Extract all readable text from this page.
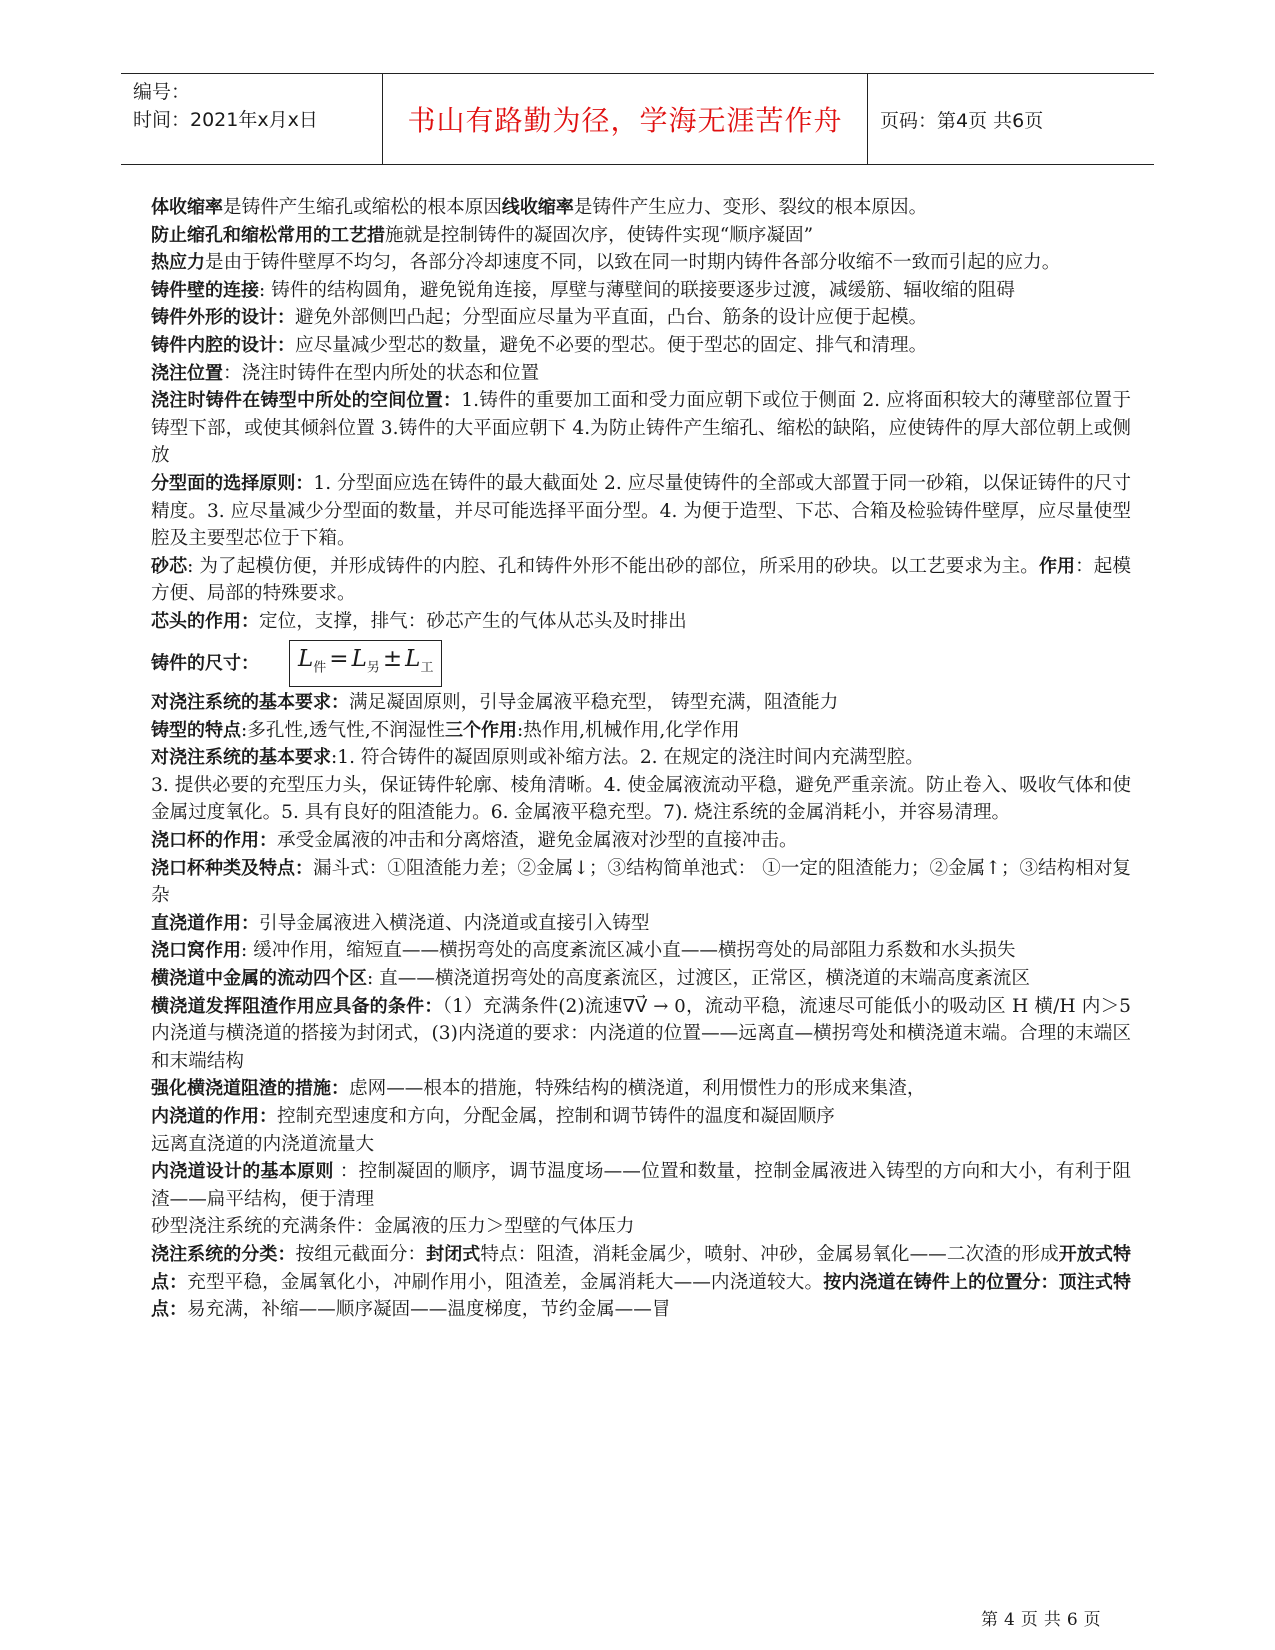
编号：
时间：2021年x月x日	书山有路勤为径，学海无涯苦作舟 页码：第4页 共6页

体收缩率是铸件产生缩孔或缩松的根本原因线收缩率是铸件产生应力、变形、裂纹的根本原因。

防止缩孔和缩松常用的工艺措施就是控制铸件的凝固次序，使铸件实现“顺序凝固”

热应力是由于铸件壁厚不均匀，各部分冷却速度不同，以致在同一时期内铸件各部分收缩不一致而引起的应力。

铸件壁的连接: 铸件的结构圆角，避免锐角连接，厚壁与薄壁间的联接要逐步过渡，减缓筋、辐收缩的阻碍

铸件外形的设计：避免外部侧凹凸起；分型面应尽量为平直面，凸台、筋条的设计应便于起模。

铸件内腔的设计：应尽量减少型芯的数量，避免不必要的型芯。便于型芯的固定、排气和清理。

浇注位置：浇注时铸件在型内所处的状态和位置

浇注时铸件在铸型中所处的空间位置：1.铸件的重要加工面和受力面应朝下或位于侧面 2. 应将面积较大的薄壁部位置于铸型下部，或使其倾斜位置 3.铸件的大平面应朝下 4.为防止铸件产生缩孔、缩松的缺陷，应使铸件的厚大部位朝上或侧放

分型面的选择原则：1. 分型面应选在铸件的最大截面处 2. 应尽量使铸件的全部或大部置于同一砂箱，以保证铸件的尺寸精度。3. 应尽量减少分型面的数量，并尽可能选择平面分型。4. 为便于造型、下芯、合箱及检验铸件壁厚，应尽量使型腔及主要型芯位于下箱。

砂芯: 为了起模仿便，并形成铸件的内腔、孔和铸件外形不能出砂的部位，所采用的砂块。以工艺要求为主。作用：起模方便、局部的特殊要求。

芯头的作用：定位，支撑，排气：砂芯产生的气体从芯头及时排出

铸件的尺寸：	$L_件 = L_另 \pm L_工$

对浇注系统的基本要求：满足凝固原则，引导金属液平稳充型， 铸型充满，阻渣能力

铸型的特点:多孔性,透气性,不润湿性三个作用:热作用,机械作用,化学作用

对浇注系统的基本要求:1. 符合铸件的凝固原则或补缩方法。2. 在规定的浇注时间内充满型腔。

3. 提供必要的充型压力头，保证铸件轮廓、棱角清晰。4. 使金属液流动平稳，避免严重亲流。防止卷入、吸收气体和使金属过度氧化。5. 具有良好的阻渣能力。6. 金属液平稳充型。7). 烧注系统的金属消耗小，并容易清理。

浇口杯的作用：承受金属液的冲击和分离熔渣，避免金属液对沙型的直接冲击。

浇口杯种类及特点：漏斗式：①阻渣能力差；②金属↓；③结构简单池式： ①一定的阻渣能力；②金属↑；③结构相对复杂

直浇道作用：引导金属液进入横浇道、内浇道或直接引入铸型

浇口窝作用: 缓冲作用，缩短直——横拐弯处的高度紊流区减小直——横拐弯处的局部阻力系数和水头损失

横浇道中金属的流动四个区: 直——横浇道拐弯处的高度紊流区，过渡区，正常区，横浇道的末端高度紊流区

横浇道发挥阻渣作用应具备的条件：（1）充满条件(2)流速∇V⃗ → 0，流动平稳，流速尽可能低小的吸动区 H 横/H 内＞5 内浇道与横浇道的搭接为封闭式，(3)内浇道的要求：内浇道的位置——远离直—横拐弯处和横浇道末端。合理的末端区和末端结构

强化横浇道阻渣的措施：虑网——根本的措施，特殊结构的横浇道，利用惯性力的形成来集渣，

内浇道的作用：控制充型速度和方向，分配金属，控制和调节铸件的温度和凝固顺序

远离直浇道的内浇道流量大

内浇道设计的基本原则 ：控制凝固的顺序，调节温度场——位置和数量，控制金属液进入铸型的方向和大小，有利于阻渣——扁平结构，便于清理

砂型浇注系统的充满条件：金属液的压力＞型壁的气体压力

浇注系统的分类：按组元截面分：封闭式特点：阻渣，消耗金属少，喷射、冲砂，金属易氧化——二次渣的形成开放式特点：充型平稳，金属氧化小，冲刷作用小，阻渣差，金属消耗大——内浇道较大。按内浇道在铸件上的位置分：顶注式特点：易充满，补缩——顺序凝固——温度梯度，节约金属——冒

第4页共6页
